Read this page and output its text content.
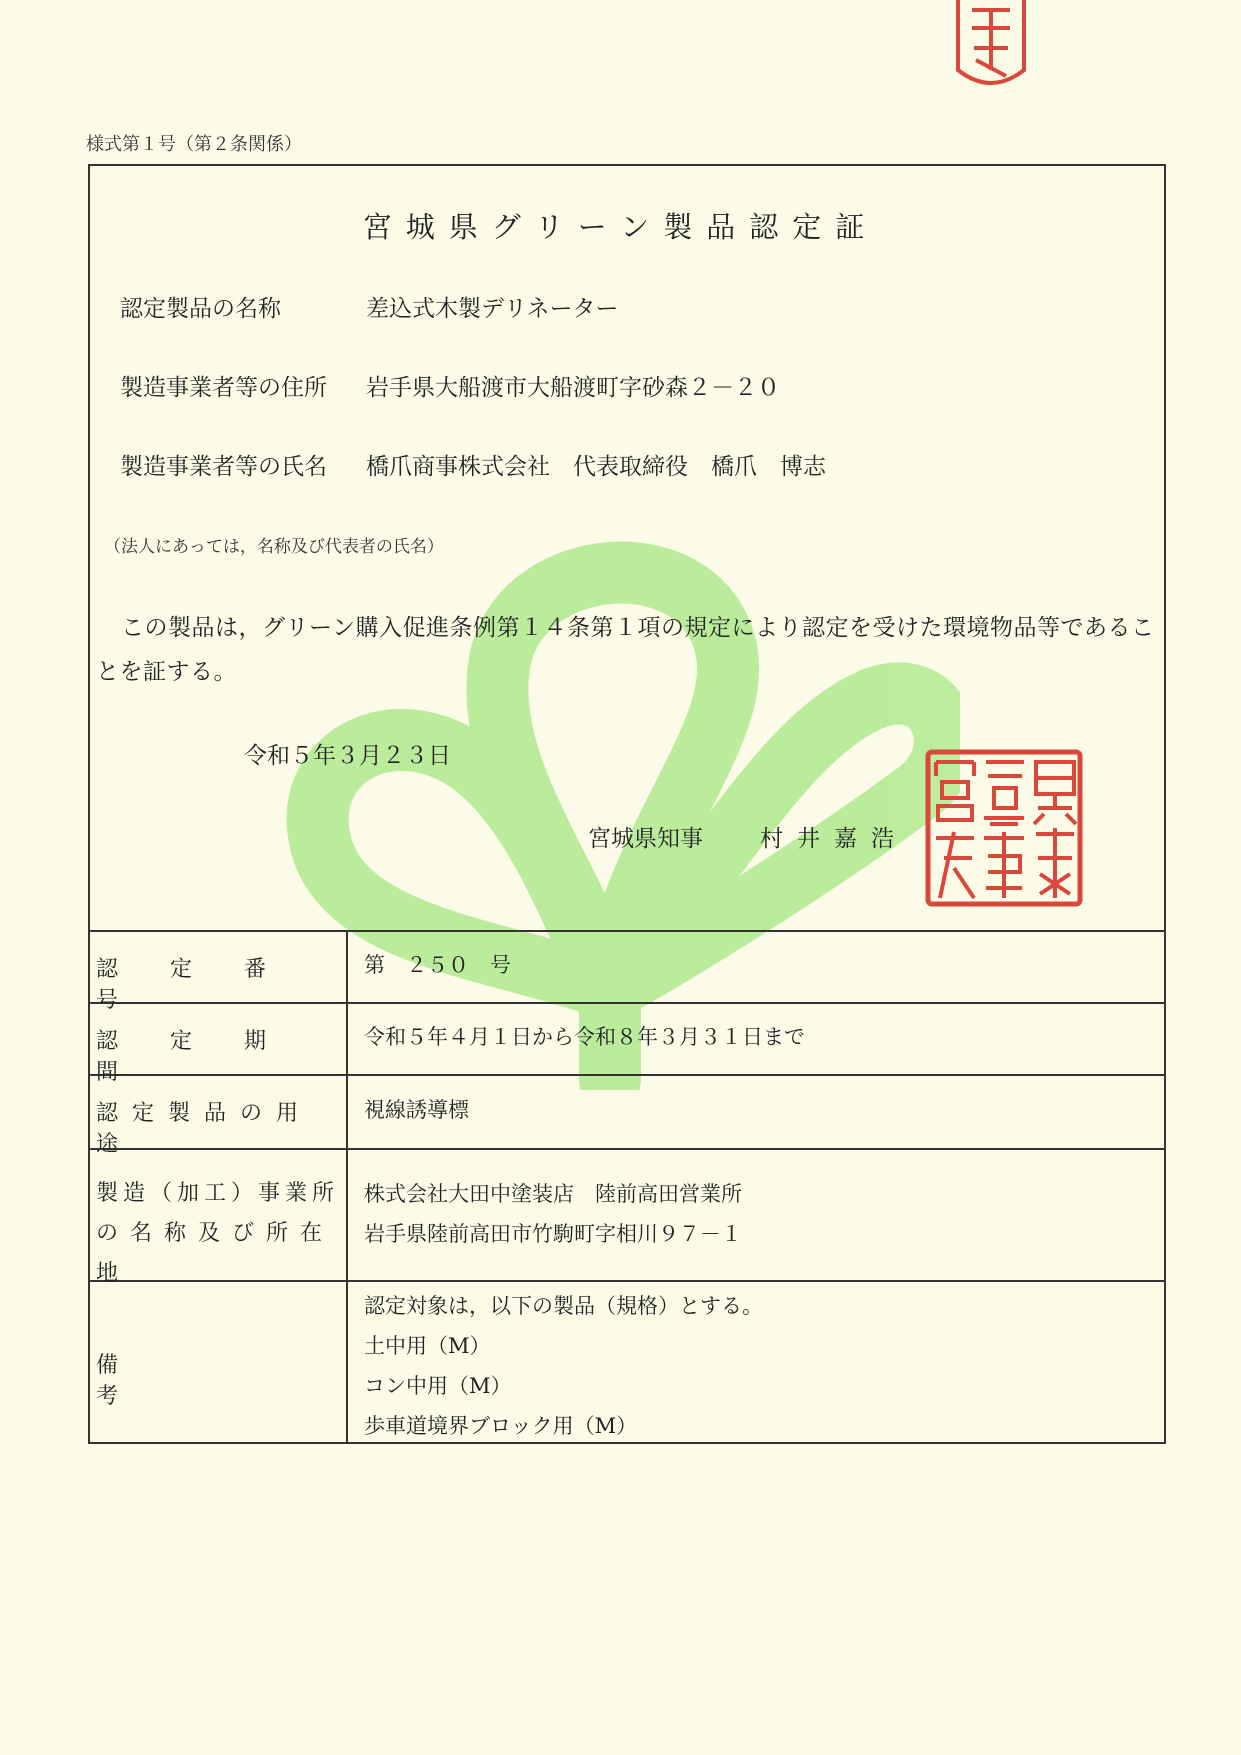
様式第１号（第２条関係）
宮城県グリーン製品認定証
認定製品の名称	差込式木製デリネーター
製造事業者等の住所 岩手県大船渡市大船渡町字砂森２－２０
製造事業者等の氏名 橋爪商事株式会社　代表取締役　橋爪　博志
（法人にあっては，名称及び代表者の氏名）
この製品は，グリーン購入促進条例第１４条第１項の規定により認定を受けた環境物品等であることを証する。
令和５年３月２３日
宮城県知事 村井嘉浩
認定番号
第　２５０　号
認定期間
令和５年４月１日から令和８年３月３１日まで
認定製品の用途
視線誘導標
製造（加工）事業所
の名称及び所在地
株式会社大田中塗装店　陸前高田営業所
岩手県陸前高田市竹駒町字相川９７－１
備考
認定対象は，以下の製品（規格）とする。
土中用（M）
コン中用（M）
歩車道境界ブロック用（M）
